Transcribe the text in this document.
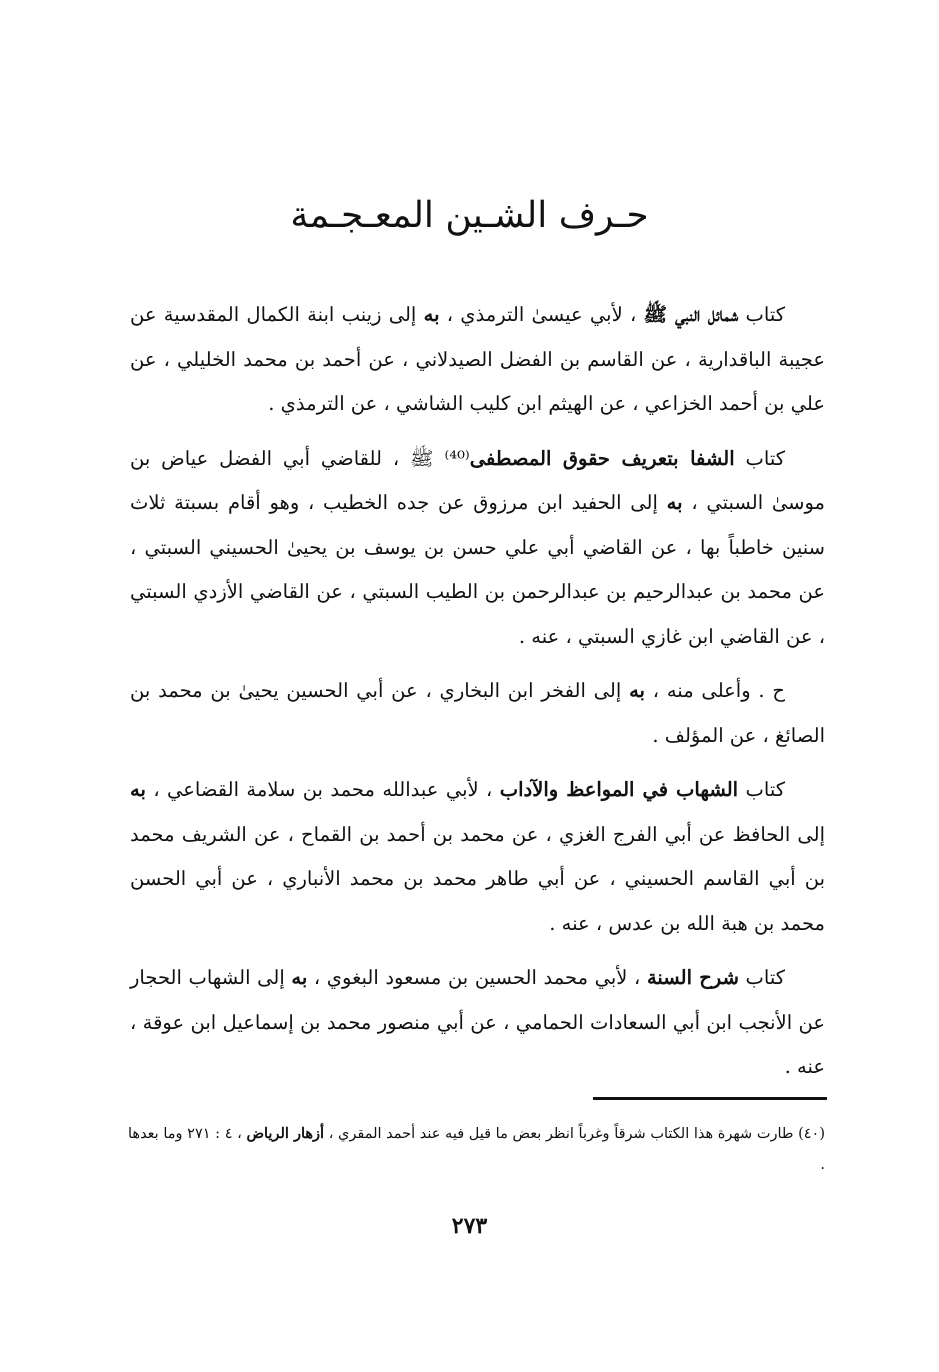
حـرف الشـين المعـجـمة

كتاب شمائل النبي ﷺ ، لأبي عيسىٰ الترمذي ، به إلى زينب ابنة الكمال المقدسية عن عجيبة الباقدارية ، عن القاسم بن الفضل الصيدلاني ، عن أحمد بن محمد الخليلي ، عن علي بن أحمد الخزاعي ، عن الهيثم ابن كليب الشاشي ، عن الترمذي .

كتاب الشفا بتعريف حقوق المصطفى⁽⁴⁰⁾ ﷺ ، للقاضي أبي الفضل عياض بن موسىٰ السبتي ، به إلى الحفيد ابن مرزوق عن جده الخطيب ، وهو أقام بسبتة ثلاث سنين خاطباً بها ، عن القاضي أبي علي حسن بن يوسف بن يحيىٰ الحسيني السبتي ، عن محمد بن عبدالرحيم بن عبدالرحمن بن الطيب السبتي ، عن القاضي الأزدي السبتي ، عن القاضي ابن غازي السبتي ، عنه .

ح . وأعلى منه ، به إلى الفخر ابن البخاري ، عن أبي الحسين يحيىٰ بن محمد بن الصائغ ، عن المؤلف .

كتاب الشهاب في المواعظ والآداب ، لأبي عبدالله محمد بن سلامة القضاعي ، به إلى الحافظ عن أبي الفرج الغزي ، عن محمد بن أحمد بن القماح ، عن الشريف محمد بن أبي القاسم الحسيني ، عن أبي طاهر محمد بن محمد الأنباري ، عن أبي الحسن محمد بن هبة الله بن عدس ، عنه .

كتاب شرح السنة ، لأبي محمد الحسين بن مسعود البغوي ، به إلى الشهاب الحجار عن الأنجب ابن أبي السعادات الحمامي ، عن أبي منصور محمد بن إسماعيل ابن عوقة ، عنه .

(٤٠) طارت شهرة هذا الكتاب شرقاً وغرباً انظر بعض ما قيل فيه عند أحمد المقري ، أزهار الرياض ، ٤ : ٢٧١ وما بعدها .
٢٧٣
